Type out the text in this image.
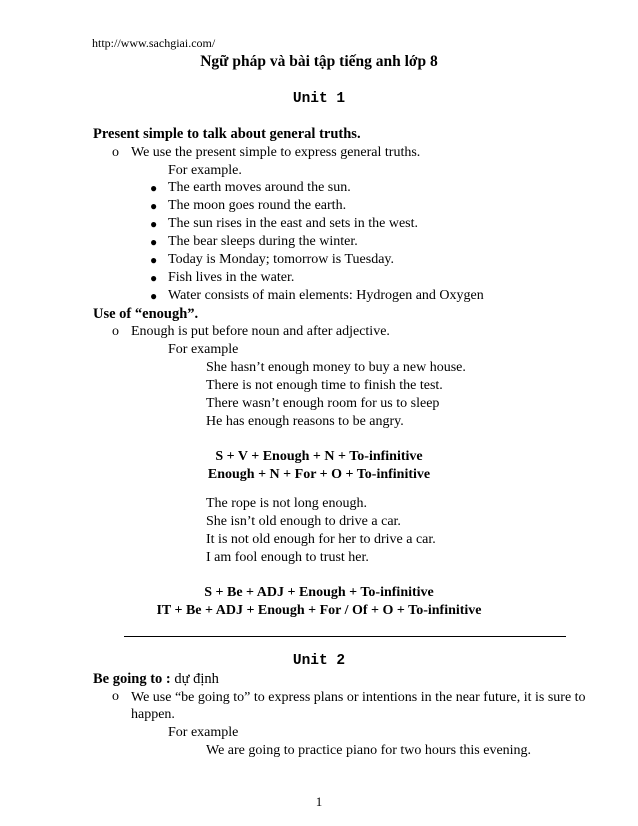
http://www.sachgiai.com/
Ngữ pháp và bài tập tiếng anh lớp 8
Unit 1
Present simple to talk about general truths.
o We use the present simple to express general truths.
For example.
● The earth moves around the sun.
● The moon goes round the earth.
● The sun rises in the east and sets in the west.
● The bear sleeps during the winter.
● Today is Monday; tomorrow is Tuesday.
● Fish lives in the water.
● Water consists of main elements: Hydrogen and Oxygen
Use of “enough”.
o Enough is put before noun and after adjective.
For example
She hasn’t enough money to buy a new house.
There is not enough time to finish the test.
There wasn’t enough room for us to sleep
He has enough reasons to be angry.
S + V + Enough + N + To-infinitive
Enough + N + For + O + To-infinitive
The rope is not long enough.
She isn’t old enough to drive a car.
It is not old enough for her to drive a car.
I am fool enough to trust her.
S + Be + ADJ + Enough + To-infinitive
IT + Be + ADJ + Enough + For / Of + O + To-infinitive
Unit 2
Be going to : dự định
o We use “be going to” to express plans or intentions in the near future, it is sure to happen.
For example
We are going to practice piano for two hours this evening.
1
